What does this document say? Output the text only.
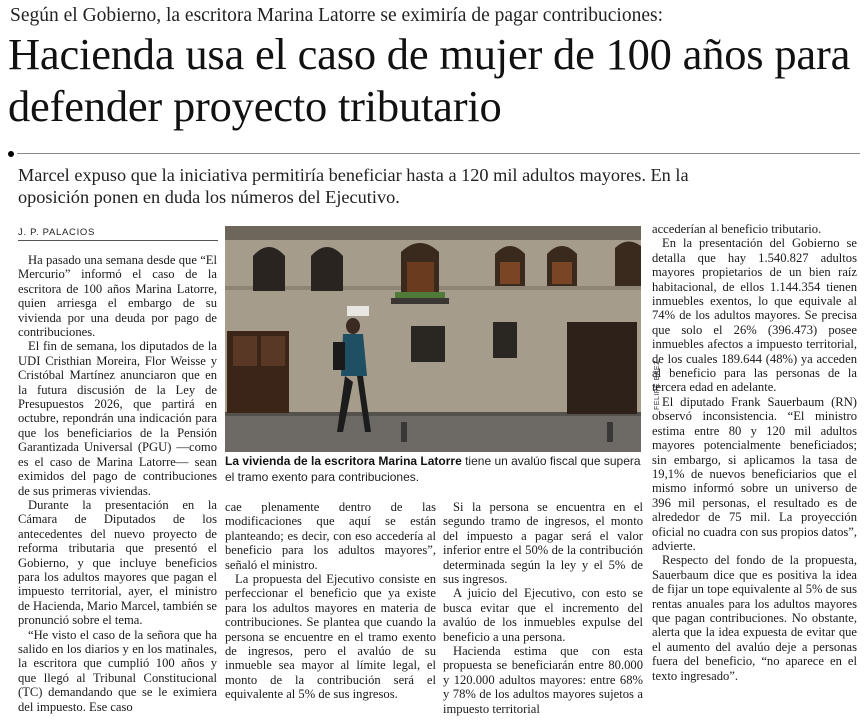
Según el Gobierno, la escritora Marina Latorre se eximiría de pagar contribuciones:
Hacienda usa el caso de mujer de 100 años para defender proyecto tributario
Marcel expuso que la iniciativa permitiría beneficiar hasta a 120 mil adultos mayores. En la oposición ponen en duda los números del Ejecutivo.
J. P. PALACIOS

Ha pasado una semana desde que “El Mercurio” informó el caso de la escritora de 100 años Marina Latorre, quien arriesga el embargo de su vivienda por una deuda por pago de contribuciones.

El fin de semana, los diputados de la UDI Cristhian Moreira, Flor Weisse y Cristóbal Martínez anunciaron que en la futura discusión de la Ley de Presupuestos 2026, que partirá en octubre, repondrán una indicación para que los beneficiarios de la Pensión Garantizada Universal (PGU) —como es el caso de Marina Latorre— sean eximidos del pago de contribuciones de sus primeras viviendas.

Durante la presentación en la Cámara de Diputados de los antecedentes del nuevo proyecto de reforma tributaria que presentó el Gobierno, y que incluye beneficios para los adultos mayores que pagan el impuesto territorial, ayer, el ministro de Hacienda, Mario Marcel, también se pronunció sobre el tema.

“He visto el caso de la señora que ha salido en los diarios y en los matinales, la escritora que cumplió 100 años y que llegó al Tribunal Constitucional (TC) demandando que se le eximiera del impuesto. Ese caso

FELIPE BÁEZ
La vivienda de la escritora Marina Latorre tiene un avalúo fiscal que supera el tramo exento para contribuciones.

cae plenamente dentro de las modificaciones que aquí se están planteando; es decir, con eso accedería al beneficio para los adultos mayores”, señaló el ministro.

La propuesta del Ejecutivo consiste en perfeccionar el beneficio que ya existe para los adultos mayores en materia de contribuciones. Se plantea que cuando la persona se encuentre en el tramo exento de ingresos, pero el avalúo de su inmueble sea mayor al límite legal, el monto de la contribución será el equivalente al 5% de sus ingresos.

Si la persona se encuentra en el segundo tramo de ingresos, el monto del impuesto a pagar será el valor inferior entre el 50% de la contribución determinada según la ley y el 5% de sus ingresos.

A juicio del Ejecutivo, con esto se busca evitar que el incremento del avalúo de los inmuebles expulse del beneficio a una persona.

Hacienda estima que con esta propuesta se beneficiarán entre 80.000 y 120.000 adultos mayores: entre 68% y 78% de los adultos mayores sujetos a impuesto territorial

accederían al beneficio tributario.

En la presentación del Gobierno se detalla que hay 1.540.827 adultos mayores propietarios de un bien raíz habitacional, de ellos 1.144.354 tienen inmuebles exentos, lo que equivale al 74% de los adultos mayores. Se precisa que solo el 26% (396.473) posee inmuebles afectos a impuesto territorial, de los cuales 189.644 (48%) ya acceden al beneficio para las personas de la tercera edad en adelante.

El diputado Frank Sauerbaum (RN) observó inconsistencia. “El ministro estima entre 80 y 120 mil adultos mayores potencialmente beneficiados; sin embargo, si aplicamos la tasa de 19,1% de nuevos beneficiarios que el mismo informó sobre un universo de 396 mil personas, el resultado es de alrededor de 75 mil. La proyección oficial no cuadra con sus propios datos”, advierte.

Respecto del fondo de la propuesta, Sauerbaum dice que es positiva la idea de fijar un tope equivalente al 5% de sus rentas anuales para los adultos mayores que pagan contribuciones. No obstante, alerta que la idea expuesta de evitar que el aumento del avalúo deje a personas fuera del beneficio, “no aparece en el texto ingresado”.
